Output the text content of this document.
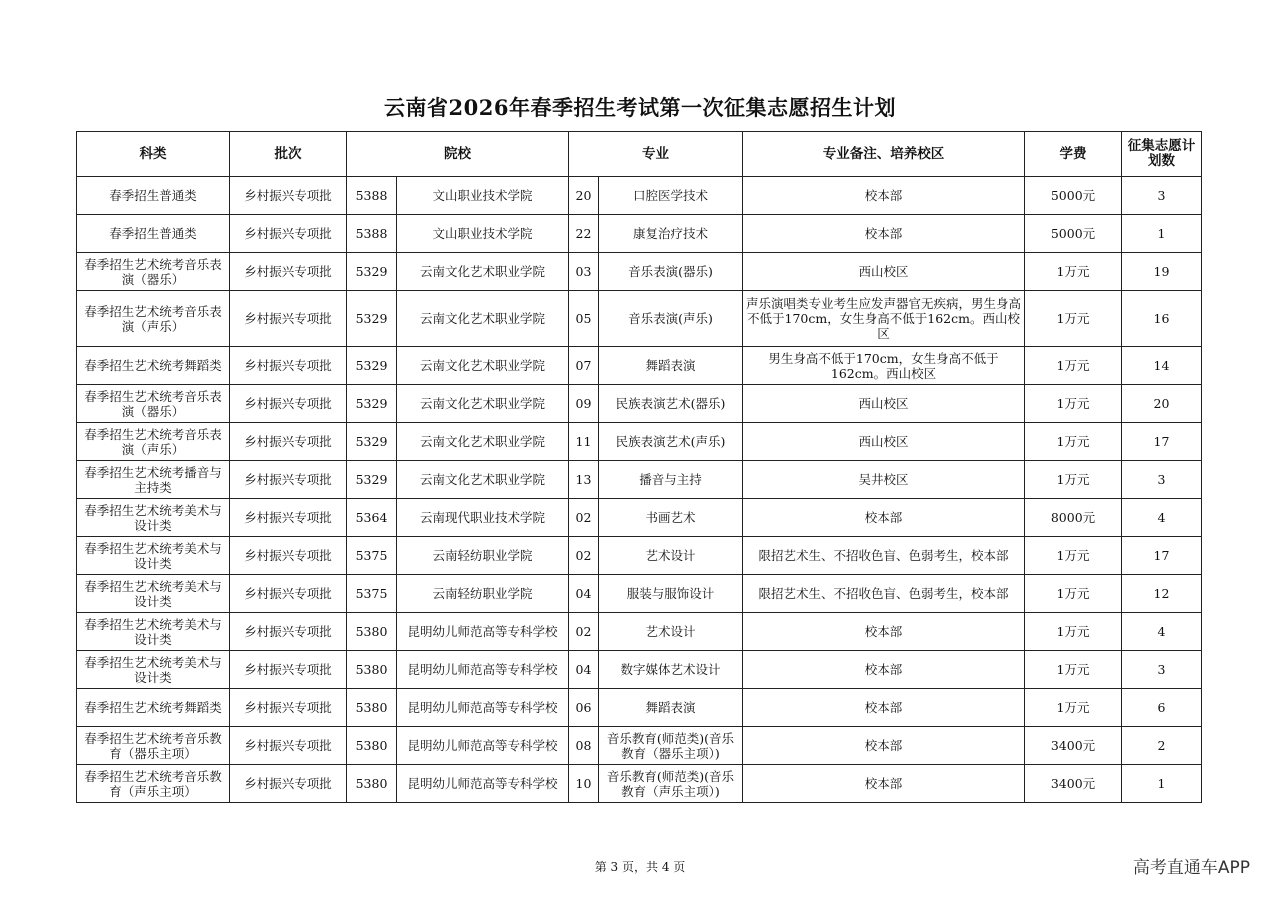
云南省2026年春季招生考试第一次征集志愿招生计划
科类	批次	院校		专业		专业备注、培养校区	学费	征集志愿计划数
春季招生普通类	乡村振兴专项批	5388	文山职业技术学院	20	口腔医学技术	校本部	5000元	3
春季招生普通类	乡村振兴专项批	5388	文山职业技术学院	22	康复治疗技术	校本部	5000元	1
春季招生艺术统考音乐表演（器乐）	乡村振兴专项批	5329	云南文化艺术职业学院	03	音乐表演(器乐)	西山校区	1万元	19
春季招生艺术统考音乐表演（声乐）	乡村振兴专项批	5329	云南文化艺术职业学院	05	音乐表演(声乐)	声乐演唱类专业考生应发声器官无疾病，男生身高不低于170cm，女生身高不低于162cm。西山校区	1万元	16
春季招生艺术统考舞蹈类	乡村振兴专项批	5329	云南文化艺术职业学院	07	舞蹈表演	男生身高不低于170cm，女生身高不低于162cm。西山校区	1万元	14
春季招生艺术统考音乐表演（器乐）	乡村振兴专项批	5329	云南文化艺术职业学院	09	民族表演艺术(器乐)	西山校区	1万元	20
春季招生艺术统考音乐表演（声乐）	乡村振兴专项批	5329	云南文化艺术职业学院	11	民族表演艺术(声乐)	西山校区	1万元	17
春季招生艺术统考播音与主持类	乡村振兴专项批	5329	云南文化艺术职业学院	13	播音与主持	吴井校区	1万元	3
春季招生艺术统考美术与设计类	乡村振兴专项批	5364	云南现代职业技术学院	02	书画艺术	校本部	8000元	4
春季招生艺术统考美术与设计类	乡村振兴专项批	5375	云南轻纺职业学院	02	艺术设计	限招艺术生、不招收色盲、色弱考生，校本部	1万元	17
春季招生艺术统考美术与设计类	乡村振兴专项批	5375	云南轻纺职业学院	04	服装与服饰设计	限招艺术生、不招收色盲、色弱考生，校本部	1万元	12
春季招生艺术统考美术与设计类	乡村振兴专项批	5380	昆明幼儿师范高等专科学校	02	艺术设计	校本部	1万元	4
春季招生艺术统考美术与设计类	乡村振兴专项批	5380	昆明幼儿师范高等专科学校	04	数字媒体艺术设计	校本部	1万元	3
春季招生艺术统考舞蹈类	乡村振兴专项批	5380	昆明幼儿师范高等专科学校	06	舞蹈表演	校本部	1万元	6
春季招生艺术统考音乐教育（器乐主项）	乡村振兴专项批	5380	昆明幼儿师范高等专科学校	08	音乐教育(师范类)(音乐教育（器乐主项）)	校本部	3400元	2
春季招生艺术统考音乐教育（声乐主项）	乡村振兴专项批	5380	昆明幼儿师范高等专科学校	10	音乐教育(师范类)(音乐教育（声乐主项）)	校本部	3400元	1
第 3 页，共 4 页	高考直通车APP
